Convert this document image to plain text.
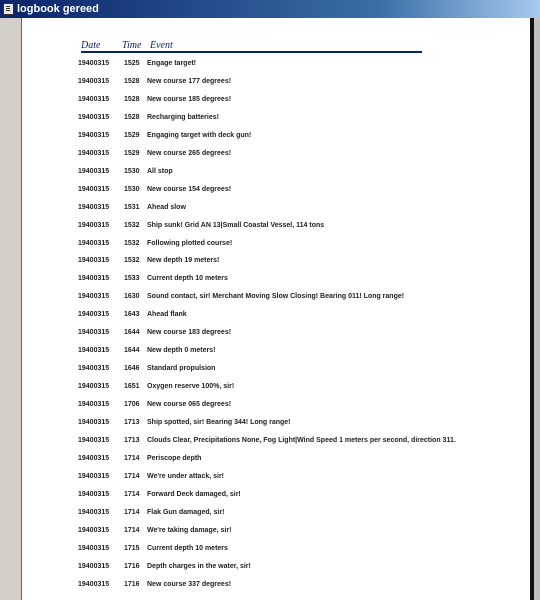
logbook gereed
Date Time Event
19400315 1525 Engage target!
19400315 1528 New course 177 degrees!
19400315 1528 New course 185 degrees!
19400315 1528 Recharging batteries!
19400315 1529 Engaging target with deck gun!
19400315 1529 New course 265 degrees!
19400315 1530 All stop
19400315 1530 New course 154 degrees!
19400315 1531 Ahead slow
19400315 1532 Ship sunk! Grid AN 13|Small Coastal Vessel, 114 tons
19400315 1532 Following plotted course!
19400315 1532 New depth 19 meters!
19400315 1533 Current depth 10 meters
19400315 1630 Sound contact, sir! Merchant Moving Slow Closing! Bearing 011! Long range!
19400315 1643 Ahead flank
19400315 1644 New course 183 degrees!
19400315 1644 New depth 0 meters!
19400315 1646 Standard propulsion
19400315 1651 Oxygen reserve 100%, sir!
19400315 1706 New course 065 degrees!
19400315 1713 Ship spotted, sir! Bearing 344! Long range!
19400315 1713 Clouds Clear, Precipitations None, Fog Light|Wind Speed 1 meters per second, direction 311.
19400315 1714 Periscope depth
19400315 1714 We're under attack, sir!
19400315 1714 Forward Deck damaged, sir!
19400315 1714 Flak Gun damaged, sir!
19400315 1714 We're taking damage, sir!
19400315 1715 Current depth 10 meters
19400315 1716 Depth charges in the water, sir!
19400315 1716 New course 337 degrees!
